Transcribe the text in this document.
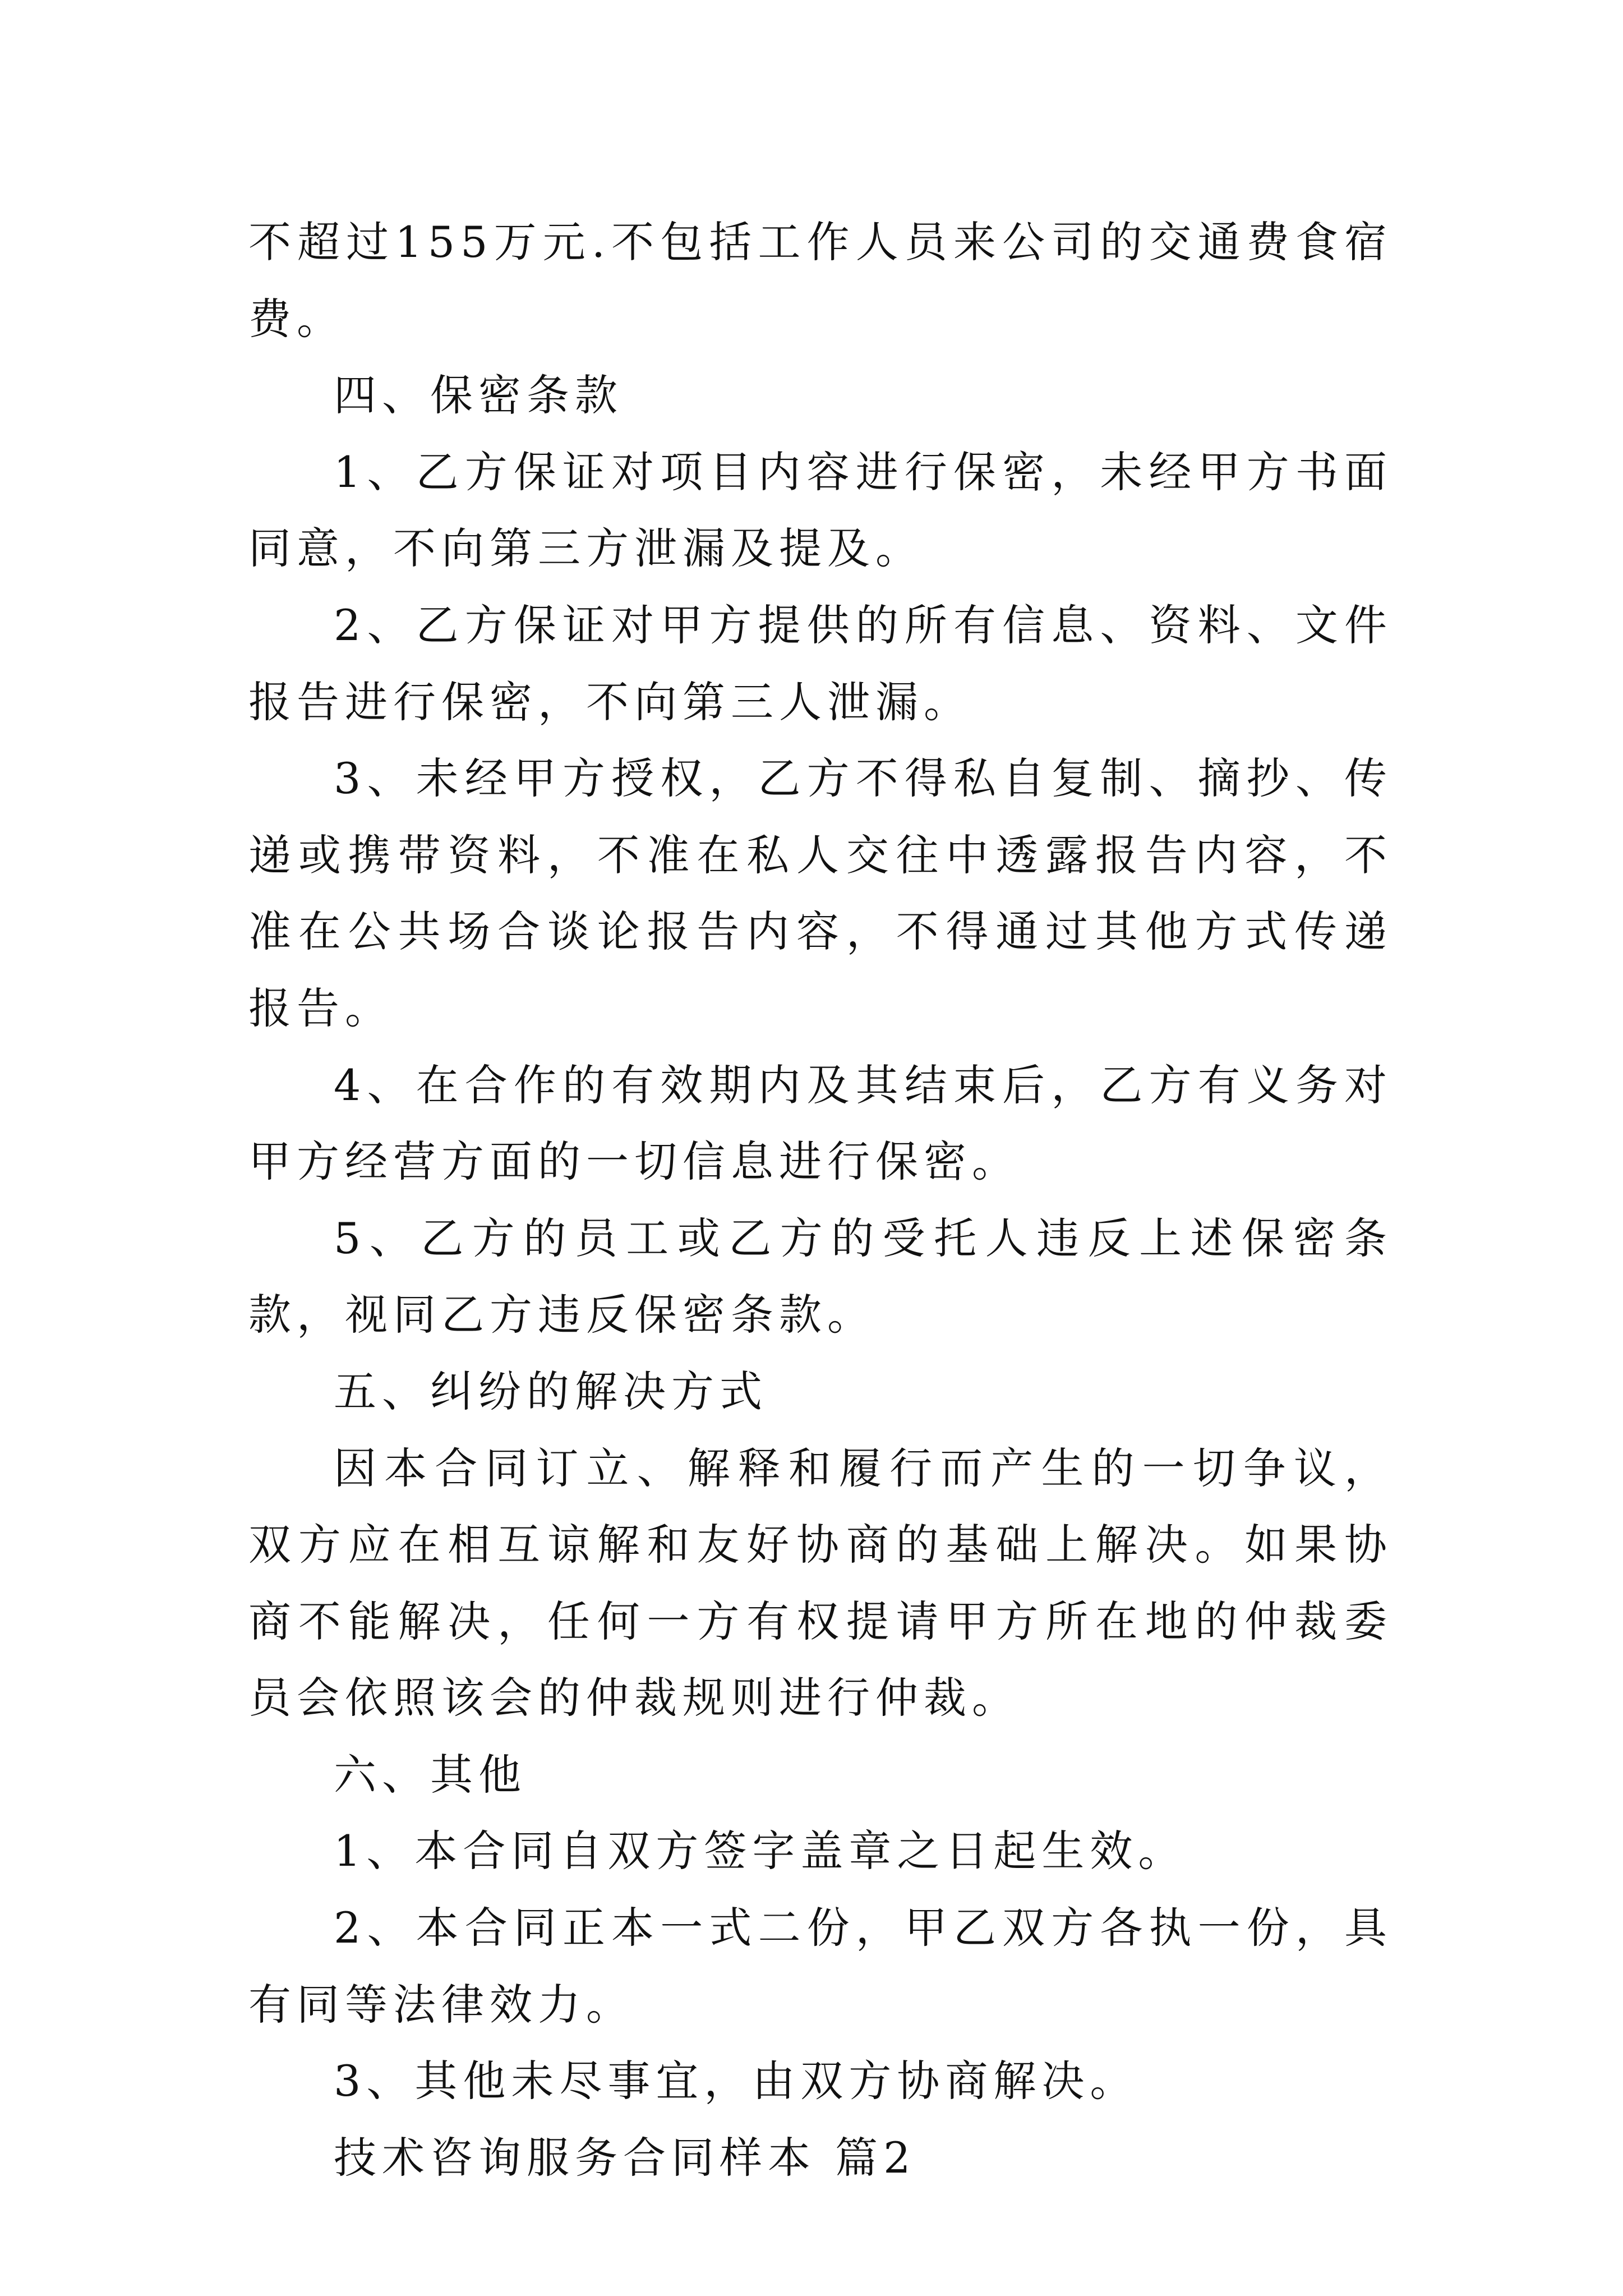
不超过155万元.不包括工作人员来公司的交通费食宿费。

四、保密条款

1、乙方保证对项目内容进行保密，未经甲方书面同意，不向第三方泄漏及提及。

2、乙方保证对甲方提供的所有信息、资料、文件报告进行保密，不向第三人泄漏。

3、未经甲方授权，乙方不得私自复制、摘抄、传递或携带资料，不准在私人交往中透露报告内容，不准在公共场合谈论报告内容，不得通过其他方式传递报告。

4、在合作的有效期内及其结束后，乙方有义务对甲方经营方面的一切信息进行保密。

5、乙方的员工或乙方的受托人违反上述保密条款，视同乙方违反保密条款。

五、纠纷的解决方式

因本合同订立、解释和履行而产生的一切争议，双方应在相互谅解和友好协商的基础上解决。如果协商不能解决，任何一方有权提请甲方所在地的仲裁委员会依照该会的仲裁规则进行仲裁。

六、其他

1、本合同自双方签字盖章之日起生效。

2、本合同正本一式二份，甲乙双方各执一份，具有同等法律效力。

3、其他未尽事宜，由双方协商解决。

技术咨询服务合同样本 篇2
